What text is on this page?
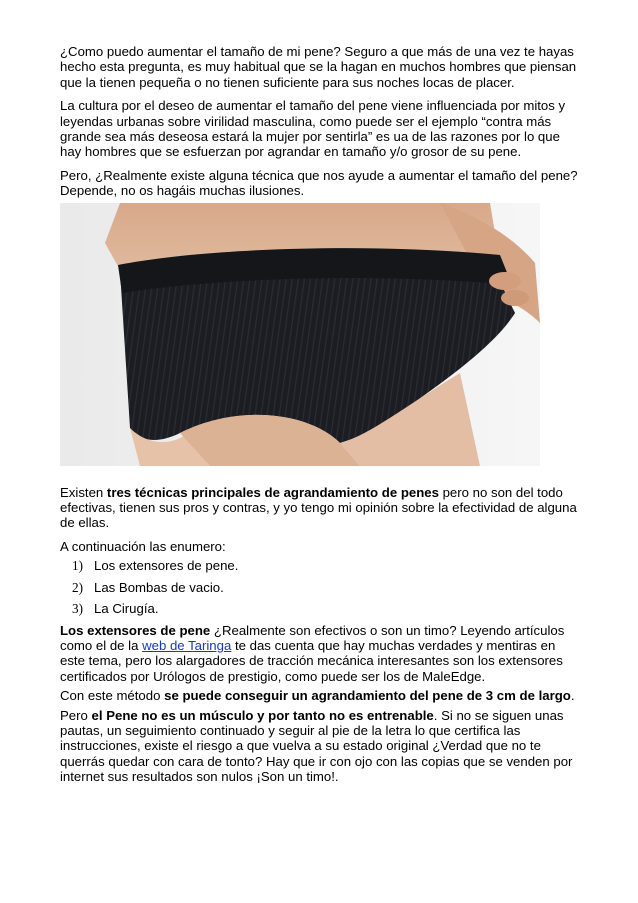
¿Como puedo aumentar el tamaño de mi pene? Seguro a que más de una vez te hayas hecho esta pregunta, es muy habitual que se la hagan en muchos hombres que piensan que la tienen pequeña o no tienen suficiente para sus noches locas de placer.

La cultura por el deseo de aumentar el tamaño del pene viene influenciada por mitos y leyendas urbanas sobre virilidad masculina, como puede ser el ejemplo “contra más grande sea más deseosa estará la mujer por sentirla” es ua de las razones por lo que hay hombres que se esfuerzan por agrandar en tamaño y/o grosor de su pene.

Pero, ¿Realmente existe alguna técnica que nos ayude a aumentar el tamaño del pene? Depende, no os hagáis muchas ilusiones.

Existen tres técnicas principales de agrandamiento de penes pero no son del todo efectivas, tienen sus pros y contras, y yo tengo mi opinión sobre la efectividad de alguna de ellas.

A continuación las enumero:

1) Los extensores de pene.
2) Las Bombas de vacio.
3) La Cirugía.

Los extensores de pene ¿Realmente son efectivos o son un timo? Leyendo artículos como el de la web de Taringa te das cuenta que hay muchas verdades y mentiras en este tema, pero los alargadores de tracción mecánica interesantes son los extensores certificados por Urólogos de prestigio, como puede ser los de MaleEdge.

Con este método se puede conseguir un agrandamiento del pene de 3 cm de largo.

Pero el Pene no es un músculo y por tanto no es entrenable. Si no se siguen unas pautas, un seguimiento continuado y seguir al pie de la letra lo que certifica las instrucciones, existe el riesgo a que vuelva a su estado original ¿Verdad que no te querrás quedar con cara de tonto? Hay que ir con ojo con las copias que se venden por internet sus resultados son nulos ¡Son un timo!.
